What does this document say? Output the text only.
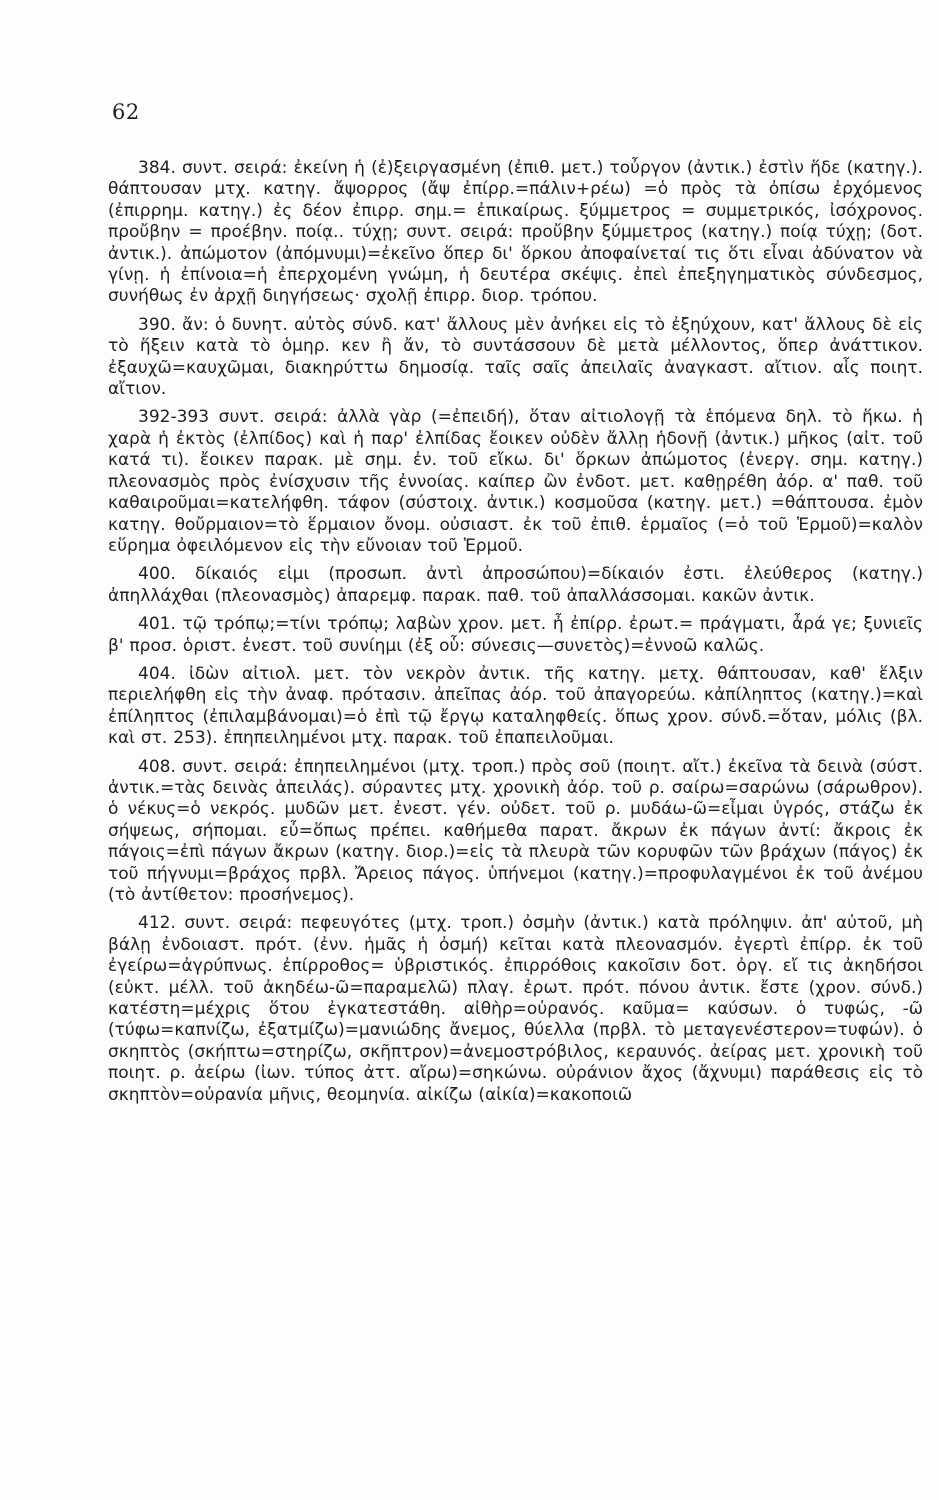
62

384. συντ. σειρά: ἐκείνη ἡ (ἐ)ξειργασμένη (ἐπιθ. μετ.) τοὖργον (ἀντικ.) ἐστὶν ἥδε (κατηγ.). θάπτουσαν μτχ. κατηγ. ἄψορρος (ἄψ ἐπίρρ.=πάλιν+ρέω) =ὁ πρὸς τὰ ὀπίσω ἐρχόμενος (ἐπιρρημ. κατηγ.) ἐς δέον ἐπιρρ. σημ.= ἐπικαίρως. ξύμμετρος = συμμετρικός, ἰσόχρονος. προὔβην = προέβην. ποίᾳ.. τύχῃ; συντ. σειρά: προὔβην ξύμμετρος (κατηγ.) ποίᾳ τύχῃ; (δοτ. ἀντικ.). ἀπώμοτον (ἀπόμνυμι)=ἐκεῖνο ὅπερ δι' ὅρκου ἀποφαίνεταί τις ὅτι εἶναι ἀδύνατον νὰ γίνῃ. ἡ ἐπίνοια=ἡ ἐπερχομένη γνώμη, ἡ δευτέρα σκέψις. ἐπεὶ ἐπεξηγηματικὸς σύνδεσμος, συνήθως ἐν ἀρχῇ διηγήσεως· σχολῇ ἐπιρρ. διορ. τρόπου.

390. ἄν: ὁ δυνητ. αὐτὸς σύνδ. κατ' ἄλλους μὲν ἀνήκει εἰς τὸ ἐξηύχουν, κατ' ἄλλους δὲ εἰς τὸ ἥξειν κατὰ τὸ ὁμηρ. κεν ἢ ἄν, τὸ συντάσσουν δὲ μετὰ μέλλοντος, ὅπερ ἀνάττικον. ἐξαυχῶ=καυχῶμαι, διακηρύττω δημοσίᾳ. ταῖς σαῖς ἀπειλαῖς ἀναγκαστ. αἴτιον. αἷς ποιητ. αἴτιον.

392-393 συντ. σειρά: ἀλλὰ γὰρ (=ἐπειδή), ὅταν αἰτιολογῇ τὰ ἑπόμενα δηλ. τὸ ἥκω. ἡ χαρὰ ἡ ἐκτὸς (ἐλπίδος) καὶ ἡ παρ' ἐλπίδας ἔοικεν οὐδὲν ἄλλῃ ἡδονῇ (ἀντικ.) μῆκος (αἰτ. τοῦ κατά τι). ἔοικεν παρακ. μὲ σημ. ἐν. τοῦ εἴκω. δι' ὅρκων ἀπώμοτος (ἐνεργ. σημ. κατηγ.) πλεονασμὸς πρὸς ἐνίσχυσιν τῆς ἐννοίας. καίπερ ὢν ἐνδοτ. μετ. καθῃρέθη ἀόρ. α' παθ. τοῦ καθαιροῦμαι=κατελήφθη. τάφον (σύστοιχ. ἀντικ.) κοσμοῦσα (κατηγ. μετ.) =θάπτουσα. ἐμὸν κατηγ. θοὔρμαιον=τὸ ἕρμαιον ὄνομ. οὐσιαστ. ἐκ τοῦ ἐπιθ. ἑρμαῖος (=ὁ τοῦ Ἑρμοῦ)=καλὸν εὕρημα ὀφειλόμενον εἰς τὴν εὔνοιαν τοῦ Ἑρμοῦ.

400. δίκαιός εἰμι (προσωπ. ἀντὶ ἀπροσώπου)=δίκαιόν ἐστι. ἐλεύθερος (κατηγ.) ἀπηλλάχθαι (πλεονασμὸς) ἀπαρεμφ. παρακ. παθ. τοῦ ἀπαλλάσσομαι. κακῶν ἀντικ.

401. τῷ τρόπῳ;=τίνι τρόπῳ; λαβὼν χρον. μετ. ἦ ἐπίρρ. ἐρωτ.= πράγματι, ἆρά γε; ξυνιεῖς β' προσ. ὁριστ. ἐνεστ. τοῦ συνίημι (ἐξ οὗ: σύνεσις—συνετὸς)=ἐννοῶ καλῶς.

404. ἰδὼν αἰτιολ. μετ. τὸν νεκρὸν ἀντικ. τῆς κατηγ. μετχ. θάπτουσαν, καθ' ἕλξιν περιελήφθη εἰς τὴν ἀναφ. πρότασιν. ἀπεῖπας ἀόρ. τοῦ ἀπαγορεύω. κἀπίληπτος (κατηγ.)=καὶ ἐπίληπτος (ἐπιλαμβάνομαι)=ὁ ἐπὶ τῷ ἔργῳ καταληφθείς. ὅπως χρον. σύνδ.=ὅταν, μόλις (βλ. καὶ στ. 253). ἐπηπειλημένοι μτχ. παρακ. τοῦ ἐπαπειλοῦμαι.

408. συντ. σειρά: ἐπηπειλημένοι (μτχ. τροπ.) πρὸς σοῦ (ποιητ. αἴτ.) ἐκεῖνα τὰ δεινὰ (σύστ. ἀντικ.=τὰς δεινὰς ἀπειλάς). σύραντες μτχ. χρονικὴ ἀόρ. τοῦ ρ. σαίρω=σαρώνω (σάρωθρον). ὁ νέκυς=ὁ νεκρός. μυδῶν μετ. ἐνεστ. γέν. οὐδετ. τοῦ ρ. μυδάω-ῶ=εἶμαι ὑγρός, στάζω ἐκ σήψεως, σήπομαι. εὖ=ὅπως πρέπει. καθήμεθα παρατ. ἄκρων ἐκ πάγων ἀντί: ἄκροις ἐκ πάγοις=ἐπὶ πάγων ἄκρων (κατηγ. διορ.)=εἰς τὰ πλευρὰ τῶν κορυφῶν τῶν βράχων (πάγος) ἐκ τοῦ πήγνυμι=βράχος πρβλ. Ἄρειος πάγος. ὑπήνεμοι (κατηγ.)=προφυλαγμένοι ἐκ τοῦ ἀνέμου (τὸ ἀντίθετον: προσήνεμος).

412. συντ. σειρά: πεφευγότες (μτχ. τροπ.) ὀσμὴν (ἀντικ.) κατὰ πρόληψιν. ἀπ' αὐτοῦ, μὴ βάλῃ ἐνδοιαστ. πρότ. (ἐνν. ἡμᾶς ἡ ὀσμή) κεῖται κατὰ πλεονασμόν. ἐγερτὶ ἐπίρρ. ἐκ τοῦ ἐγείρω=ἀγρύπνως. ἐπίρροθος= ὑβριστικός. ἐπιρρόθοις κακοῖσιν δοτ. ὀργ. εἴ τις ἀκηδήσοι (εὐκτ. μέλλ. τοῦ ἀκηδέω-ῶ=παραμελῶ) πλαγ. ἐρωτ. πρότ. πόνου ἀντικ. ἔστε (χρον. σύνδ.) κατέστη=μέχρις ὅτου ἐγκατεστάθη. αἰθὴρ=οὐρανός. καῦμα= καύσων. ὁ τυφώς, -ῶ (τύφω=καπνίζω, ἐξατμίζω)=μανιώδης ἄνεμος, θύελλα (πρβλ. τὸ μεταγενέστερον=τυφών). ὁ σκηπτὸς (σκήπτω=στηρίζω, σκῆπτρον)=ἀνεμοστρόβιλος, κεραυνός. ἀείρας μετ. χρονικὴ τοῦ ποιητ. ρ. ἀείρω (ἰων. τύπος ἀττ. αἴρω)=σηκώνω. οὐράνιον ἄχος (ἄχνυμι) παράθεσις εἰς τὸ σκηπτὸν=οὐρανία μῆνις, θεομηνία. αἰκίζω (αἰκία)=κακοποιῶ
